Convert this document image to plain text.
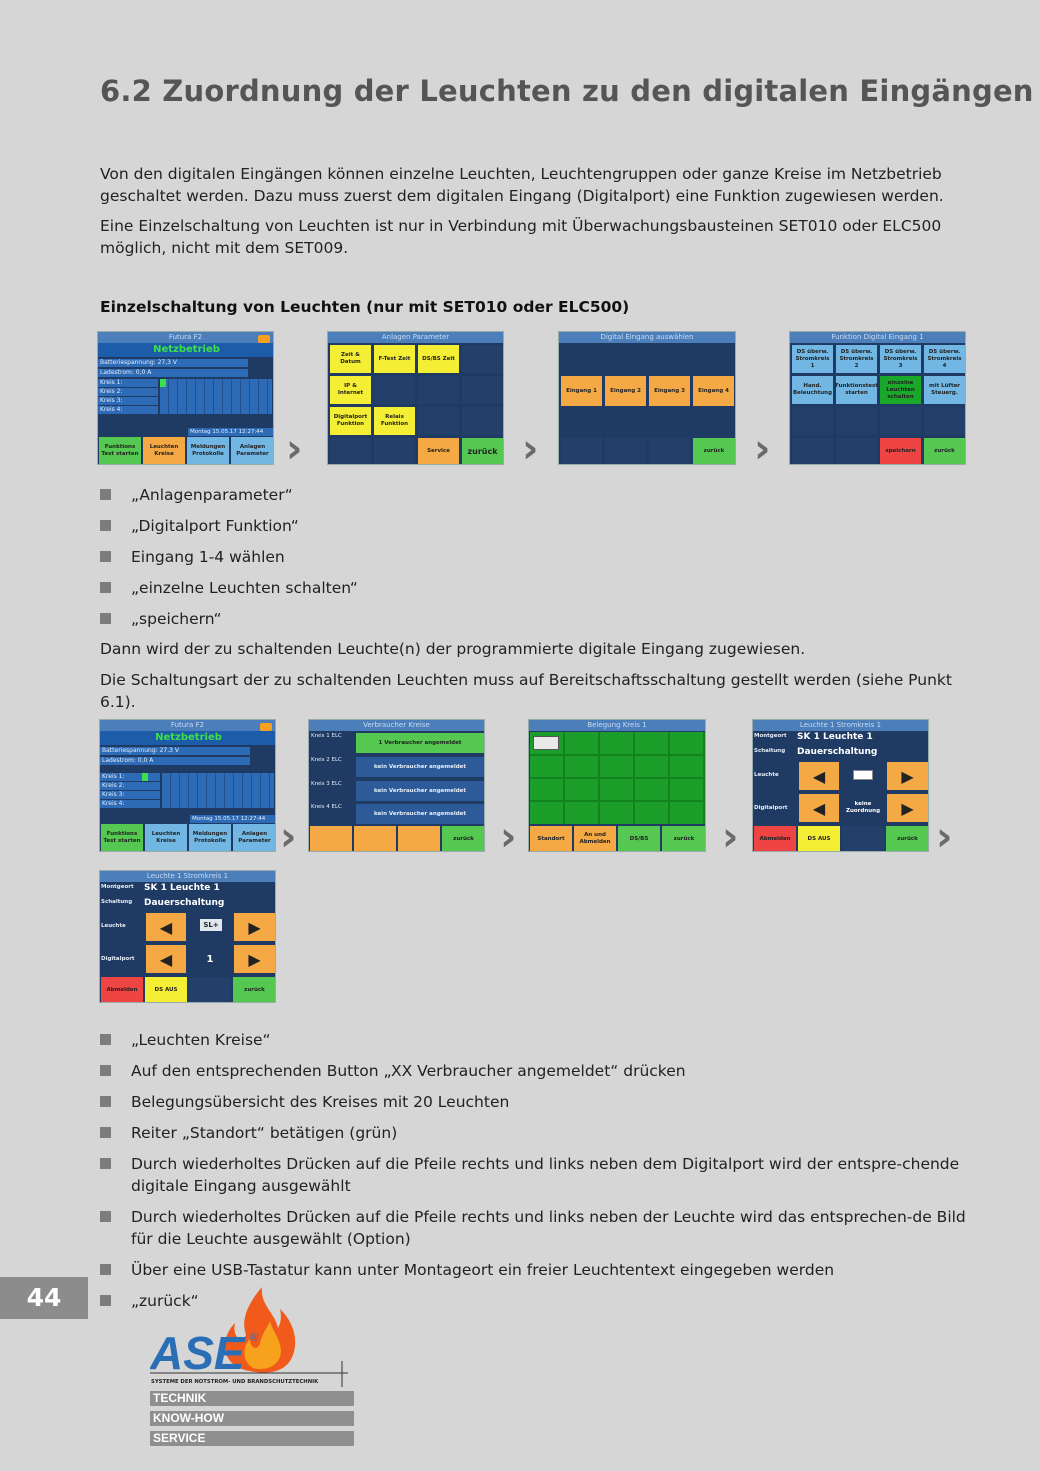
6.2 Zuordnung der Leuchten zu den digitalen Eingängen

Von den digitalen Eingängen können einzelne Leuchten, Leuchtengruppen oder ganze Kreise im Netzbetrieb geschaltet werden. Dazu muss zuerst dem digitalen Eingang (Digitalport) eine Funktion zugewiesen werden.

Eine Einzelschaltung von Leuchten ist nur in Verbindung mit Überwachungsbausteinen SET010 oder ELC500 möglich, nicht mit dem SET009.

Einzelschaltung von Leuchten (nur mit SET010 oder ELC500)
Futura F2
Netzbetrieb
Batteriespannung: 27,3 V
Ladestrom: 0,0 A
Kreis 1:
Kreis 2:
Kreis 3:
Kreis 4:
Montag 15.05.17 12:27:44
Funktions Test starten
Leuchten Kreise
Meldungen Protokolle
Anlagen Parameter ›
Anlagen Parameter
Zeit & Datum
F-Test Zeit	DS/BS Zeit
IP & Internet
Digitalport Funktion
Relais Funktion
Service	zurück ›
Digital Eingang auswählen
Eingang 1	Eingang 2	Eingang 3	Eingang 4
zurück ›
Funktion Digital Eingang 1
DS überw. Stromkreis 1
DS überw. Stromkreis 2
DS überw. Stromkreis 3
DS überw. Stromkreis 4
Hand. Beleuchtung
Funktionstest starten
einzelne Leuchten schalten
mit Lüfter Steuerg.
speichern	zurück
„Anlagenparameter“
„Digitalport Funktion“
Eingang 1-4 wählen
„einzelne Leuchten schalten“
„speichern“

Dann wird der zu schaltenden Leuchte(n) der programmierte digitale Eingang zugewiesen.

Die Schaltungsart der zu schaltenden Leuchten muss auf Bereitschaftsschaltung gestellt werden (siehe Punkt 6.1).

Futura F2
Netzbetrieb
Batteriespannung: 27,3 V
Ladestrom: 0,0 A
Kreis 1:
Kreis 2:
Kreis 3:
Kreis 4:
Montag 15.05.17 12:27:44
Funktions Test starten
Leuchten Kreise
Meldungen Protokolle
Anlagen Parameter ›
Verbraucher Kreise
Kreis 1 ELC
Kreis 2 ELC
Kreis 3 ELC
Kreis 4 ELC
1 Verbraucher angemeldet
kein Verbraucher angemeldet
kein Verbraucher angemeldet
kein Verbraucher angemeldet
zurück ›
Belegung Kreis 1
Standort
An und Abmelden
DS/BS	zurück ›
Leuchte 1 Stromkreis 1
Montgeort	SK 1 Leuchte 1
Schaltung	Dauerschaltung
Leuchte	◀	▶
Digitalport	◀	keine Zuordnung	▶
Abmelden	DS AUS	zurück ›
Leuchte 1 Stromkreis 1
Montgeort	SK 1 Leuchte 1
Schaltung	Dauerschaltung
Leuchte	◀	SL+	▶
Digitalport	◀	1	▶
Abmelden	DS AUS	zurück
„Leuchten Kreise“
Auf den entsprechenden Button „XX Verbraucher angemeldet“ drücken
Belegungsübersicht des Kreises mit 20 Leuchten
Reiter „Standort“ betätigen (grün)
Durch wiederholtes Drücken auf die Pfeile rechts und links neben dem Digitalport wird der entspre-chende digitale Eingang ausgewählt
Durch wiederholtes Drücken auf die Pfeile rechts und links neben der Leuchte wird das entsprechen-de Bild für die Leuchte ausgewählt (Option)
Über eine USB-Tastatur kann unter Montageort ein freier Leuchtentext eingegeben werden
„zurück“
44
ASE ®
SYSTEME DER NOTSTROM- UND BRANDSCHUTZTECHNIK
TECHNIK
KNOW-HOW
SERVICE
